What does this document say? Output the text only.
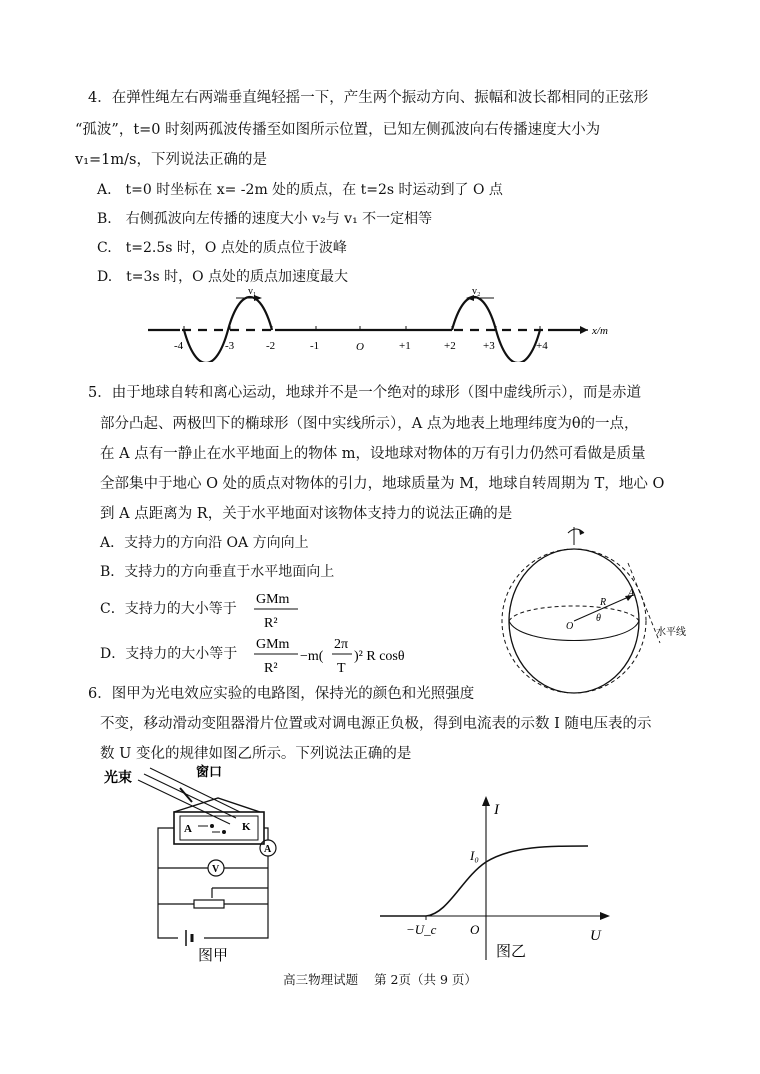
4．在弹性绳左右两端垂直绳轻摇一下，产生两个振动方向、振幅和波长都相同的正弦形
“孤波”，t=0 时刻两孤波传播至如图所示位置，已知左侧孤波向右传播速度大小为
v₁=1m/s，下列说法正确的是
A.　t=0 时坐标在 x= -2m 处的质点，在 t=2s 时运动到了 O 点
B.　右侧孤波向左传播的速度大小 v₂与 v₁ 不一定相等
C.　t=2.5s 时，O 点处的质点位于波峰
D.　t=3s 时，O 点处的质点加速度最大
v₁	v₂
-4	-3	-2	-1	O	+1	+2 +3	+4
x/m
5．由于地球自转和离心运动，地球并不是一个绝对的球形（图中虚线所示），而是赤道
部分凸起、两极凹下的椭球形（图中实线所示），A 点为地表上地理纬度为θ的一点，
在 A 点有一静止在水平地面上的物体 m，设地球对物体的万有引力仍然可看做是质量
全部集中于地心 O 处的质点对物体的引力，地球质量为 M，地球自转周期为 T，地心 O
到 A 点距离为 R，关于水平地面对该物体支持力的说法正确的是
A．支持力的方向沿 OA 方向向上
B．支持力的方向垂直于水平地面向上
C．支持力的大小等于
D．支持力的大小等于
GMm
R²
GMm
R²
−m(
2π
T
)² R cosθ
A
O
R
θ
水平线
6．图甲为光电效应实验的电路图，保持光的颜色和光照强度
不变，移动滑动变阻器滑片位置或对调电源正负极，得到电流表的示数 I 随电压表的示
数 U 变化的规律如图乙所示。下列说法正确的是
光束	窗口
A	K
A
V
图甲
I
U
I₀
−U_c	O
图乙
高三物理试题 第 2页（共 9 页）
